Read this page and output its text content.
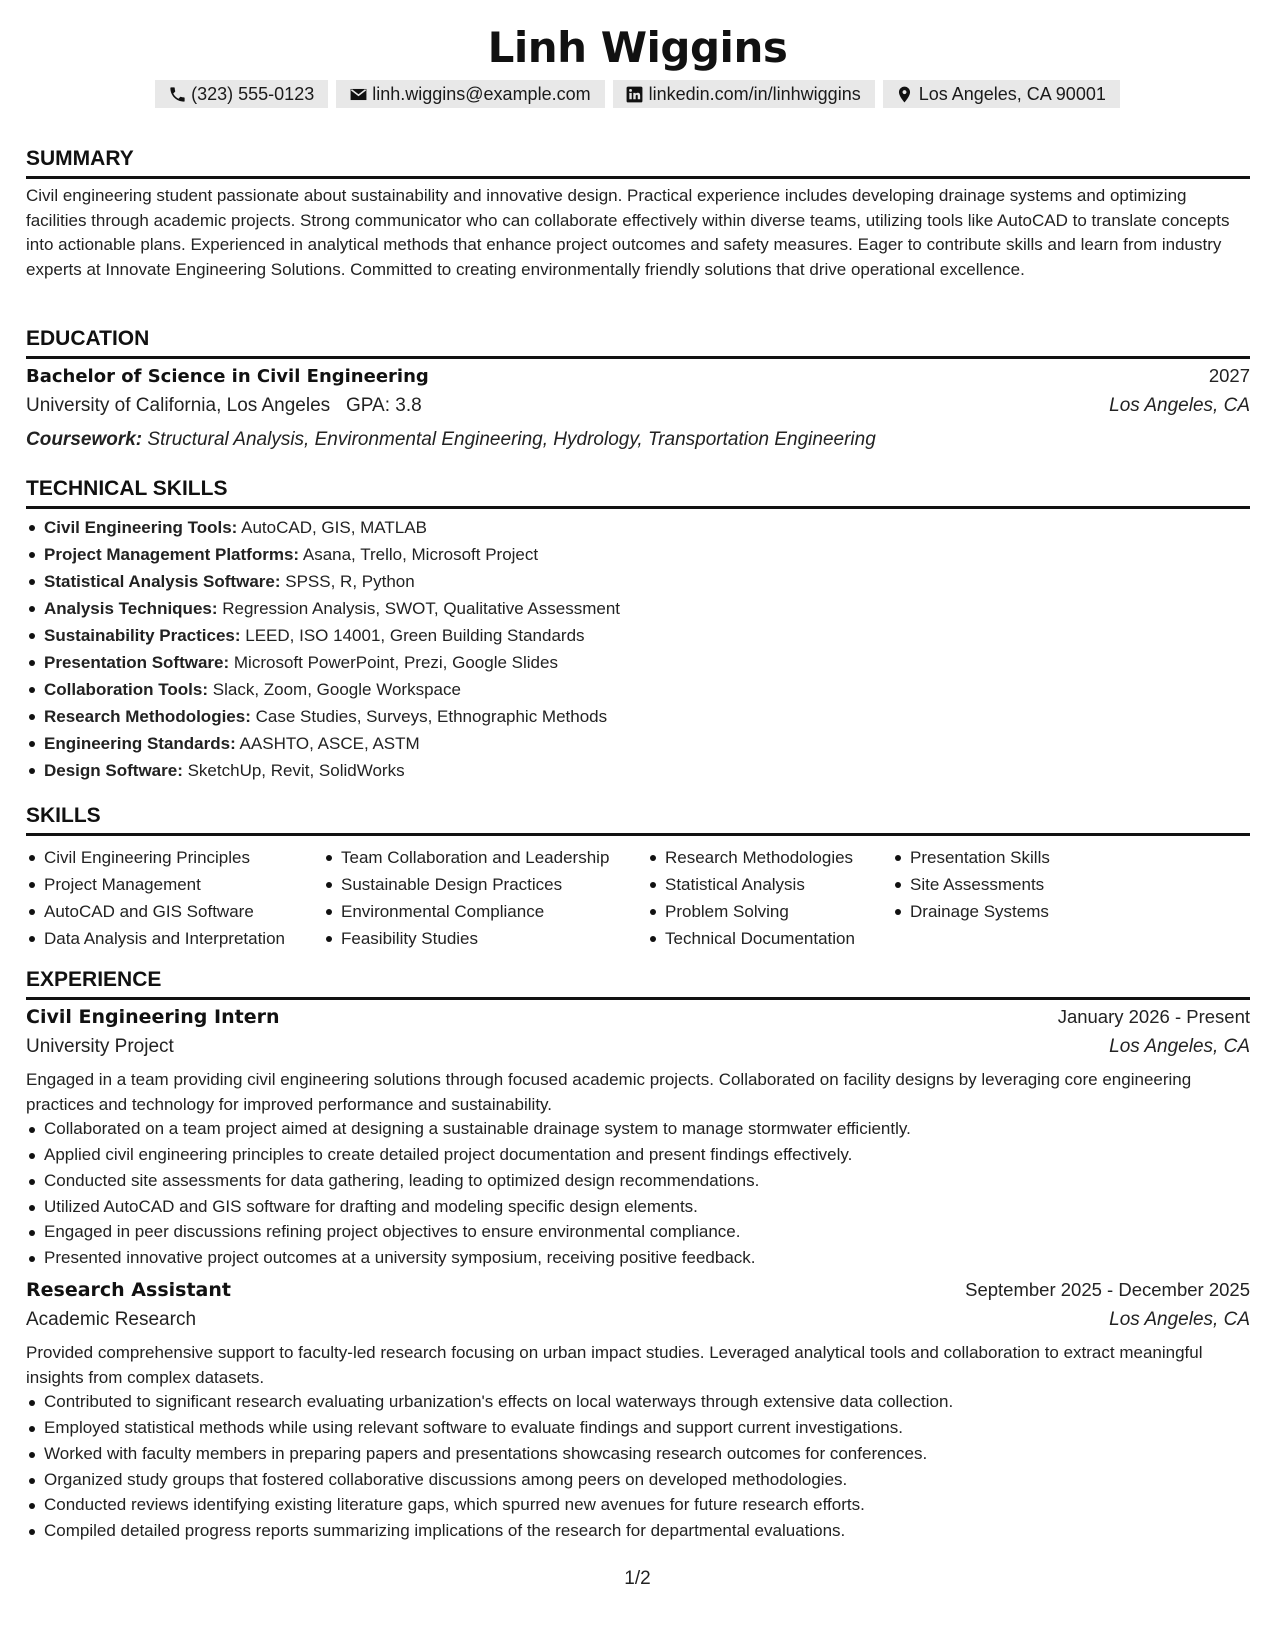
Linh Wiggins
(323) 555-0123	linh.wiggins@example.com	linkedin.com/in/linhwiggins	Los Angeles, CA 90001
SUMMARY
Civil engineering student passionate about sustainability and innovative design. Practical experience includes developing drainage systems and optimizing facilities through academic projects. Strong communicator who can collaborate effectively within diverse teams, utilizing tools like AutoCAD to translate concepts into actionable plans. Experienced in analytical methods that enhance project outcomes and safety measures. Eager to contribute skills and learn from industry experts at Innovate Engineering Solutions. Committed to creating environmentally friendly solutions that drive operational excellence.
EDUCATION
Bachelor of Science in Civil Engineering	2027
University of California, Los Angeles GPA: 3.8	Los Angeles, CA
Coursework: Structural Analysis, Environmental Engineering, Hydrology, Transportation Engineering
TECHNICAL SKILLS
Civil Engineering Tools: AutoCAD, GIS, MATLAB
Project Management Platforms: Asana, Trello, Microsoft Project
Statistical Analysis Software: SPSS, R, Python
Analysis Techniques: Regression Analysis, SWOT, Qualitative Assessment
Sustainability Practices: LEED, ISO 14001, Green Building Standards
Presentation Software: Microsoft PowerPoint, Prezi, Google Slides
Collaboration Tools: Slack, Zoom, Google Workspace
Research Methodologies: Case Studies, Surveys, Ethnographic Methods
Engineering Standards: AASHTO, ASCE, ASTM
Design Software: SketchUp, Revit, SolidWorks
SKILLS
Civil Engineering Principles
Project Management
AutoCAD and GIS Software
Data Analysis and Interpretation
Team Collaboration and Leadership
Sustainable Design Practices
Environmental Compliance
Feasibility Studies
Research Methodologies
Statistical Analysis
Problem Solving
Technical Documentation
Presentation Skills
Site Assessments
Drainage Systems
EXPERIENCE
Civil Engineering Intern	January 2026 - Present
University Project	Los Angeles, CA
Engaged in a team providing civil engineering solutions through focused academic projects. Collaborated on facility designs by leveraging core engineering practices and technology for improved performance and sustainability.
Collaborated on a team project aimed at designing a sustainable drainage system to manage stormwater efficiently.
Applied civil engineering principles to create detailed project documentation and present findings effectively.
Conducted site assessments for data gathering, leading to optimized design recommendations.
Utilized AutoCAD and GIS software for drafting and modeling specific design elements.
Engaged in peer discussions refining project objectives to ensure environmental compliance.
Presented innovative project outcomes at a university symposium, receiving positive feedback.
Research Assistant	September 2025 - December 2025
Academic Research	Los Angeles, CA
Provided comprehensive support to faculty-led research focusing on urban impact studies. Leveraged analytical tools and collaboration to extract meaningful insights from complex datasets.
Contributed to significant research evaluating urbanization's effects on local waterways through extensive data collection.
Employed statistical methods while using relevant software to evaluate findings and support current investigations.
Worked with faculty members in preparing papers and presentations showcasing research outcomes for conferences.
Organized study groups that fostered collaborative discussions among peers on developed methodologies.
Conducted reviews identifying existing literature gaps, which spurred new avenues for future research efforts.
Compiled detailed progress reports summarizing implications of the research for departmental evaluations.
1/2
